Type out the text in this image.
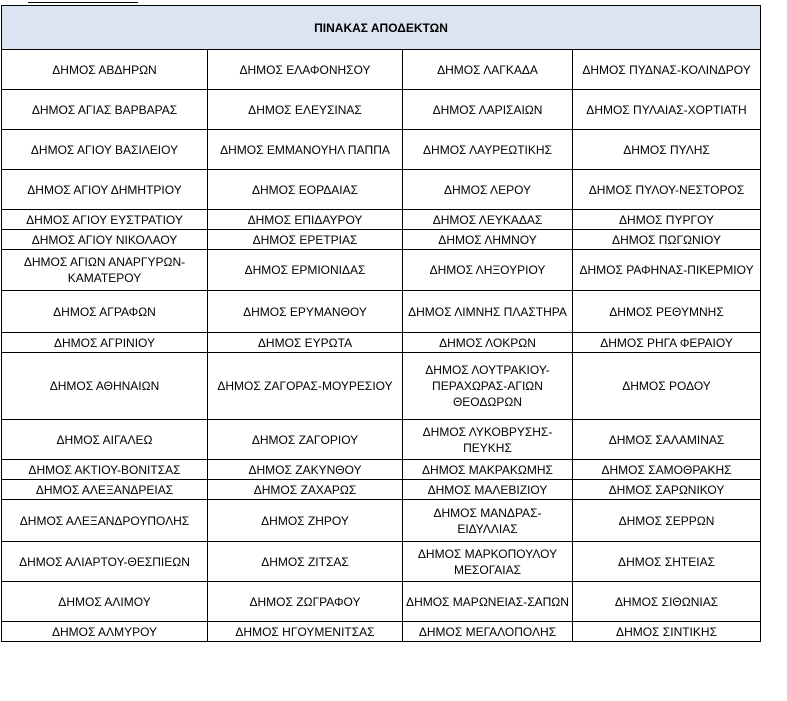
ΠΙΝΑΚΑΣ ΑΠΟΔΕΚΤΩΝ			
ΔΗΜΟΣ ΑΒΔΗΡΩΝ	ΔΗΜΟΣ ΕΛΑΦΟΝΗΣΟΥ	ΔΗΜΟΣ ΛΑΓΚΑΔΑ	ΔΗΜΟΣ ΠΥΔΝΑΣ-ΚΟΛΙΝΔΡΟΥ
ΔΗΜΟΣ ΑΓΙΑΣ ΒΑΡΒΑΡΑΣ	ΔΗΜΟΣ ΕΛΕΥΣΙΝΑΣ	ΔΗΜΟΣ ΛΑΡΙΣΑΙΩΝ	ΔΗΜΟΣ ΠΥΛΑΙΑΣ-ΧΟΡΤΙΑΤΗ
ΔΗΜΟΣ ΑΓΙΟΥ ΒΑΣΙΛΕΙΟΥ	ΔΗΜΟΣ ΕΜΜΑΝΟΥΗΛ ΠΑΠΠΑ	ΔΗΜΟΣ ΛΑΥΡΕΩΤΙΚΗΣ	ΔΗΜΟΣ ΠΥΛΗΣ
ΔΗΜΟΣ ΑΓΙΟΥ ΔΗΜΗΤΡΙΟΥ	ΔΗΜΟΣ ΕΟΡΔΑΙΑΣ	ΔΗΜΟΣ ΛΕΡΟΥ	ΔΗΜΟΣ ΠΥΛΟΥ-ΝΕΣΤΟΡΟΣ
ΔΗΜΟΣ ΑΓΙΟΥ ΕΥΣΤΡΑΤΙΟΥ	ΔΗΜΟΣ ΕΠΙΔΑΥΡΟΥ	ΔΗΜΟΣ ΛΕΥΚΑΔΑΣ	ΔΗΜΟΣ ΠΥΡΓΟΥ
ΔΗΜΟΣ ΑΓΙΟΥ ΝΙΚΟΛΑΟΥ	ΔΗΜΟΣ ΕΡΕΤΡΙΑΣ	ΔΗΜΟΣ ΛΗΜΝΟΥ	ΔΗΜΟΣ ΠΩΓΩΝΙΟΥ
ΔΗΜΟΣ ΑΓΙΩΝ ΑΝΑΡΓΥΡΩΝ-ΚΑΜΑΤΕΡΟΥ	ΔΗΜΟΣ ΕΡΜΙΟΝΙΔΑΣ	ΔΗΜΟΣ ΛΗΞΟΥΡΙΟΥ	ΔΗΜΟΣ ΡΑΦΗΝΑΣ-ΠΙΚΕΡΜΙΟΥ
ΔΗΜΟΣ ΑΓΡΑΦΩΝ	ΔΗΜΟΣ ΕΡΥΜΑΝΘΟΥ	ΔΗΜΟΣ ΛΙΜΝΗΣ ΠΛΑΣΤΗΡΑ	ΔΗΜΟΣ ΡΕΘΥΜΝΗΣ
ΔΗΜΟΣ ΑΓΡΙΝΙΟΥ	ΔΗΜΟΣ ΕΥΡΩΤΑ	ΔΗΜΟΣ ΛΟΚΡΩΝ	ΔΗΜΟΣ ΡΗΓΑ ΦΕΡΑΙΟΥ
ΔΗΜΟΣ ΑΘΗΝΑΙΩΝ	ΔΗΜΟΣ ΖΑΓΟΡΑΣ-ΜΟΥΡΕΣΙΟΥ	ΔΗΜΟΣ ΛΟΥΤΡΑΚΙΟΥ-ΠΕΡΑΧΩΡΑΣ-ΑΓΙΩΝ ΘΕΟΔΩΡΩΝ	ΔΗΜΟΣ ΡΟΔΟΥ
ΔΗΜΟΣ ΑΙΓΑΛΕΩ	ΔΗΜΟΣ ΖΑΓΟΡΙΟΥ	ΔΗΜΟΣ ΛΥΚΟΒΡΥΣΗΣ-ΠΕΥΚΗΣ	ΔΗΜΟΣ ΣΑΛΑΜΙΝΑΣ
ΔΗΜΟΣ ΑΚΤΙΟΥ-ΒΟΝΙΤΣΑΣ	ΔΗΜΟΣ ΖΑΚΥΝΘΟΥ	ΔΗΜΟΣ ΜΑΚΡΑΚΩΜΗΣ	ΔΗΜΟΣ ΣΑΜΟΘΡΑΚΗΣ
ΔΗΜΟΣ ΑΛΕΞΑΝΔΡΕΙΑΣ	ΔΗΜΟΣ ΖΑΧΑΡΩΣ	ΔΗΜΟΣ ΜΑΛΕΒΙΖΙΟΥ	ΔΗΜΟΣ ΣΑΡΩΝΙΚΟΥ
ΔΗΜΟΣ ΑΛΕΞΑΝΔΡΟΥΠΟΛΗΣ	ΔΗΜΟΣ ΖΗΡΟΥ	ΔΗΜΟΣ ΜΑΝΔΡΑΣ-ΕΙΔΥΛΛΙΑΣ	ΔΗΜΟΣ ΣΕΡΡΩΝ
ΔΗΜΟΣ ΑΛΙΑΡΤΟΥ-ΘΕΣΠΙΕΩΝ	ΔΗΜΟΣ ΖΙΤΣΑΣ	ΔΗΜΟΣ ΜΑΡΚΟΠΟΥΛΟΥ ΜΕΣΟΓΑΙΑΣ	ΔΗΜΟΣ ΣΗΤΕΙΑΣ
ΔΗΜΟΣ ΑΛΙΜΟΥ	ΔΗΜΟΣ ΖΩΓΡΑΦΟΥ	ΔΗΜΟΣ ΜΑΡΩΝΕΙΑΣ-ΣΑΠΩΝ	ΔΗΜΟΣ ΣΙΘΩΝΙΑΣ
ΔΗΜΟΣ ΑΛΜΥΡΟΥ	ΔΗΜΟΣ ΗΓΟΥΜΕΝΙΤΣΑΣ	ΔΗΜΟΣ ΜΕΓΑΛΟΠΟΛΗΣ	ΔΗΜΟΣ ΣΙΝΤΙΚΗΣ
